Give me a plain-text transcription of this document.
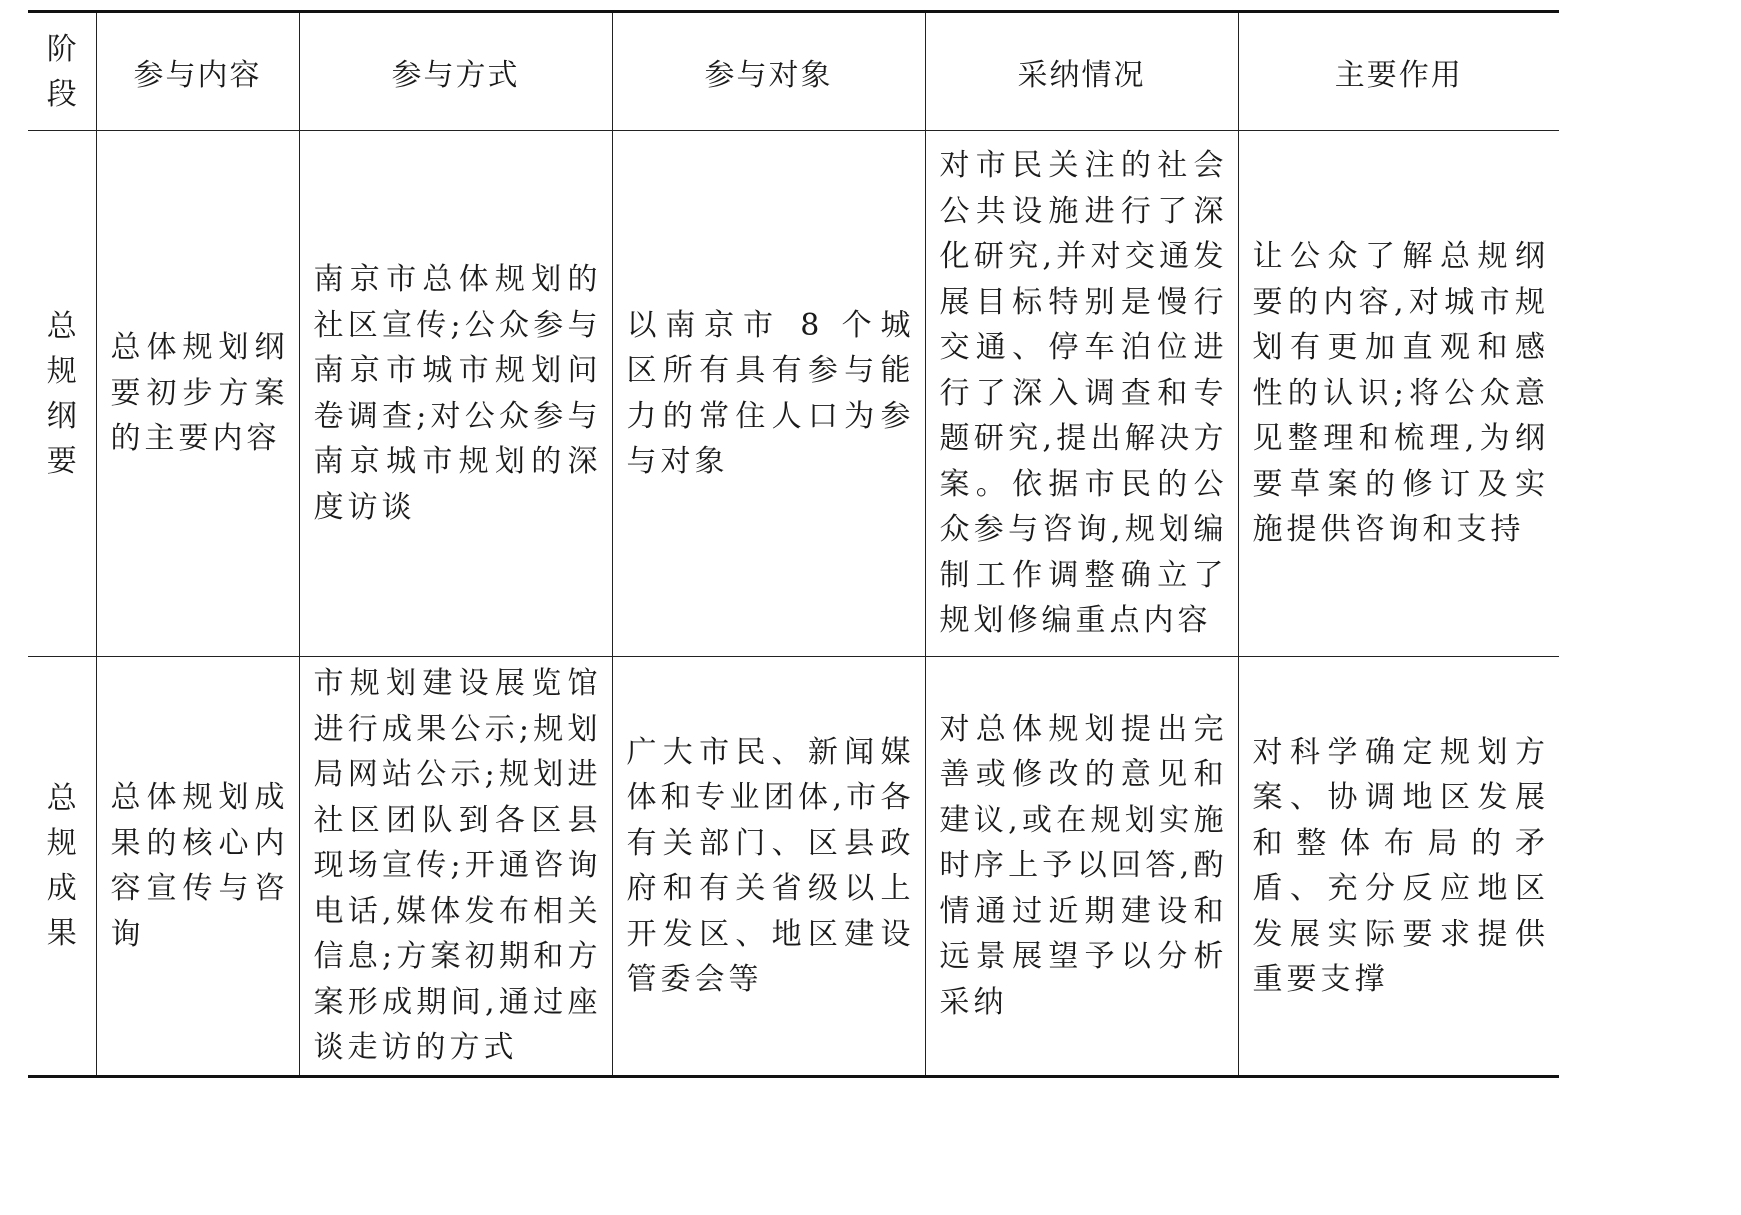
阶段	参与内容	参与方式	参与对象	采纳情况	主要作用

总规纲要	总体规划纲要初步方案的主要内容	南京市总体规划的社区宣传;公众参与南京市城市规划问卷调查;对公众参与南京城市规划的深度访谈	以南京市 8 个城区所有具有参与能力的常住人口为参与对象	对市民关注的社会公共设施进行了深化研究,并对交通发展目标特别是慢行交通、停车泊位进行了深入调查和专题研究,提出解决方案。依据市民的公众参与咨询,规划编制工作调整确立了规划修编重点内容	让公众了解总规纲要的内容,对城市规划有更加直观和感性的认识;将公众意见整理和梳理,为纲要草案的修订及实施提供咨询和支持

总规成果	总体规划成果的核心内容宣传与咨询	市规划建设展览馆进行成果公示;规划局网站公示;规划进社区团队到各区县现场宣传;开通咨询电话,媒体发布相关信息;方案初期和方案形成期间,通过座谈走访的方式	广大市民、新闻媒体和专业团体,市各有关部门、区县政府和有关省级以上开发区、地区建设管委会等	对总体规划提出完善或修改的意见和建议,或在规划实施时序上予以回答,酌情通过近期建设和远景展望予以分析采纳	对科学确定规划方案、协调地区发展和整体布局的矛盾、充分反应地区发展实际要求提供重要支撑
